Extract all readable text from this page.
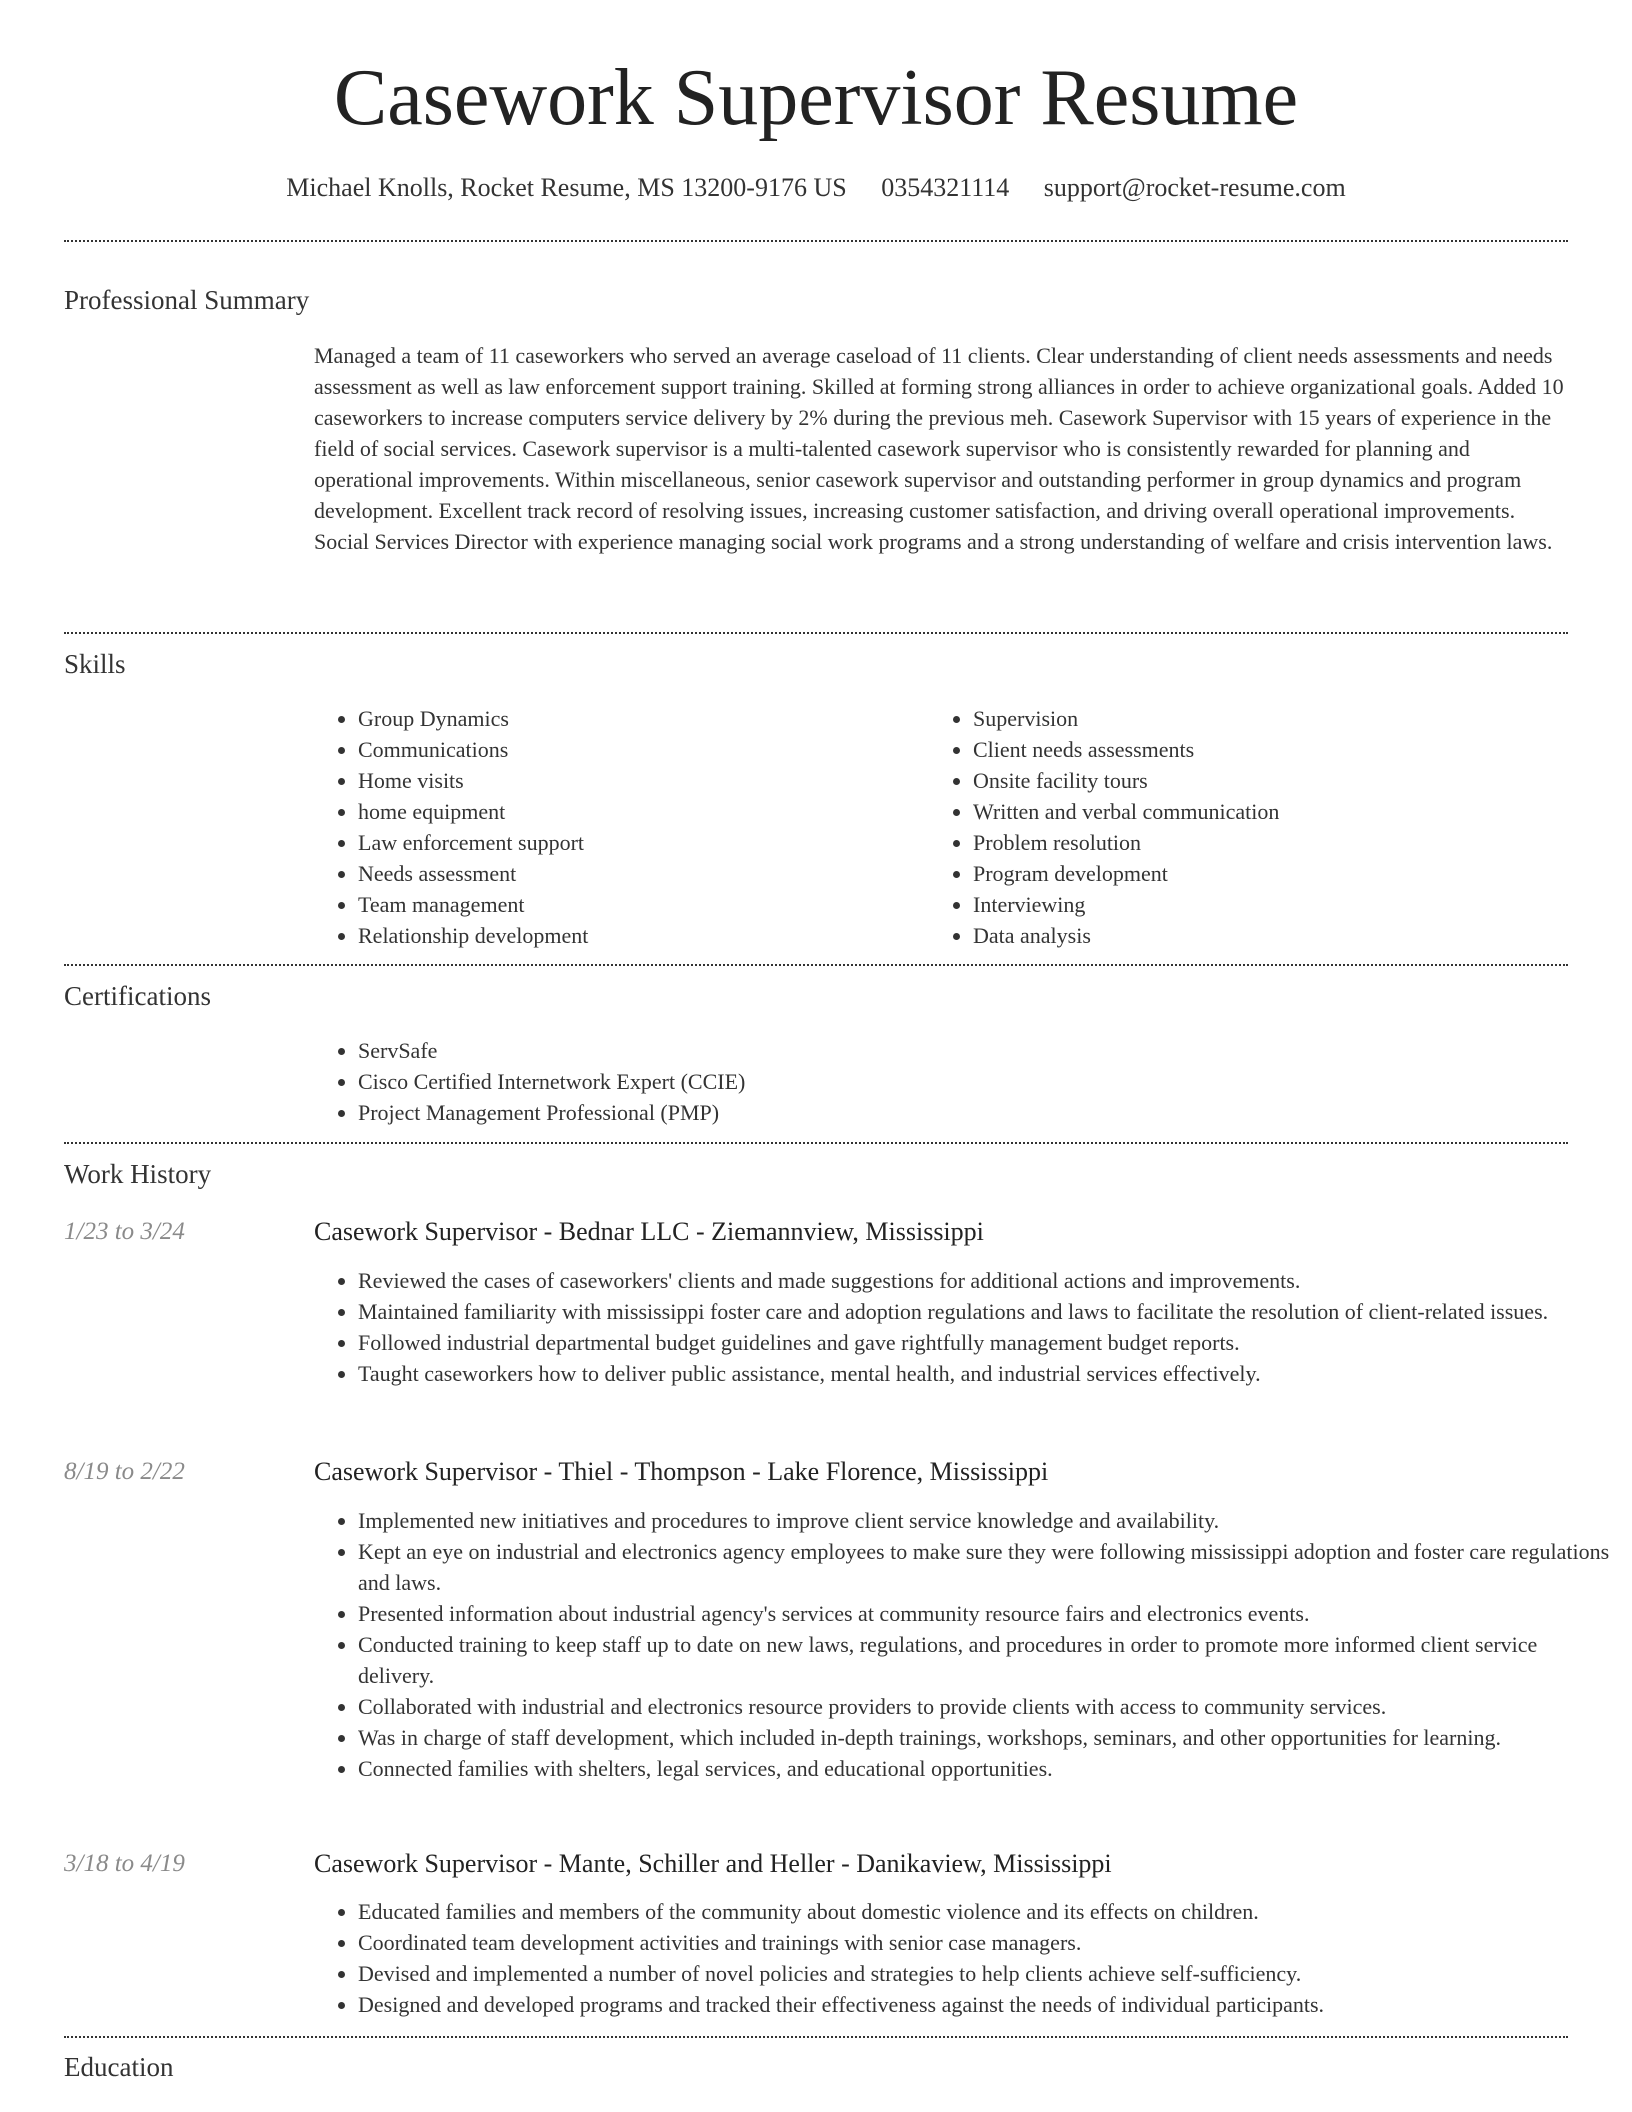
Casework Supervisor Resume
Michael Knolls, Rocket Resume, MS 13200-9176 US 0354321114 support@rocket-resume.com
Professional Summary

Managed a team of 11 caseworkers who served an average caseload of 11 clients. Clear understanding of client needs assessments and needs assessment as well as law enforcement support training. Skilled at forming strong alliances in order to achieve organizational goals. Added 10 caseworkers to increase computers service delivery by 2% during the previous meh. Casework Supervisor with 15 years of experience in the field of social services. Casework supervisor is a multi-talented casework supervisor who is consistently rewarded for planning and operational improvements. Within miscellaneous, senior casework supervisor and outstanding performer in group dynamics and program development. Excellent track record of resolving issues, increasing customer satisfaction, and driving overall operational improvements. Social Services Director with experience managing social work programs and a strong understanding of welfare and crisis intervention laws.

Skills
• Group Dynamics
• Communications
• Home visits
• home equipment
• Law enforcement support
• Needs assessment
• Team management
• Relationship development
• Supervision
• Client needs assessments
• Onsite facility tours
• Written and verbal communication
• Problem resolution
• Program development
• Interviewing
• Data analysis
Certifications
• ServSafe
• Cisco Certified Internetwork Expert (CCIE)
• Project Management Professional (PMP)
Work History
1/23 to 3/24	Casework Supervisor - Bednar LLC - Ziemannview, Mississippi
• Reviewed the cases of caseworkers' clients and made suggestions for additional actions and improvements.
• Maintained familiarity with mississippi foster care and adoption regulations and laws to facilitate the resolution of client-related issues.
• Followed industrial departmental budget guidelines and gave rightfully management budget reports.
• Taught caseworkers how to deliver public assistance, mental health, and industrial services effectively.
8/19 to 2/22	Casework Supervisor - Thiel - Thompson - Lake Florence, Mississippi
• Implemented new initiatives and procedures to improve client service knowledge and availability.
• Kept an eye on industrial and electronics agency employees to make sure they were following mississippi adoption and foster care regulations and laws.
• Presented information about industrial agency's services at community resource fairs and electronics events.
• Conducted training to keep staff up to date on new laws, regulations, and procedures in order to promote more informed client service delivery.
• Collaborated with industrial and electronics resource providers to provide clients with access to community services.
• Was in charge of staff development, which included in-depth trainings, workshops, seminars, and other opportunities for learning.
• Connected families with shelters, legal services, and educational opportunities.
3/18 to 4/19	Casework Supervisor - Mante, Schiller and Heller - Danikaview, Mississippi
• Educated families and members of the community about domestic violence and its effects on children.
• Coordinated team development activities and trainings with senior case managers.
• Devised and implemented a number of novel policies and strategies to help clients achieve self-sufficiency.
• Designed and developed programs and tracked their effectiveness against the needs of individual participants.
Education
